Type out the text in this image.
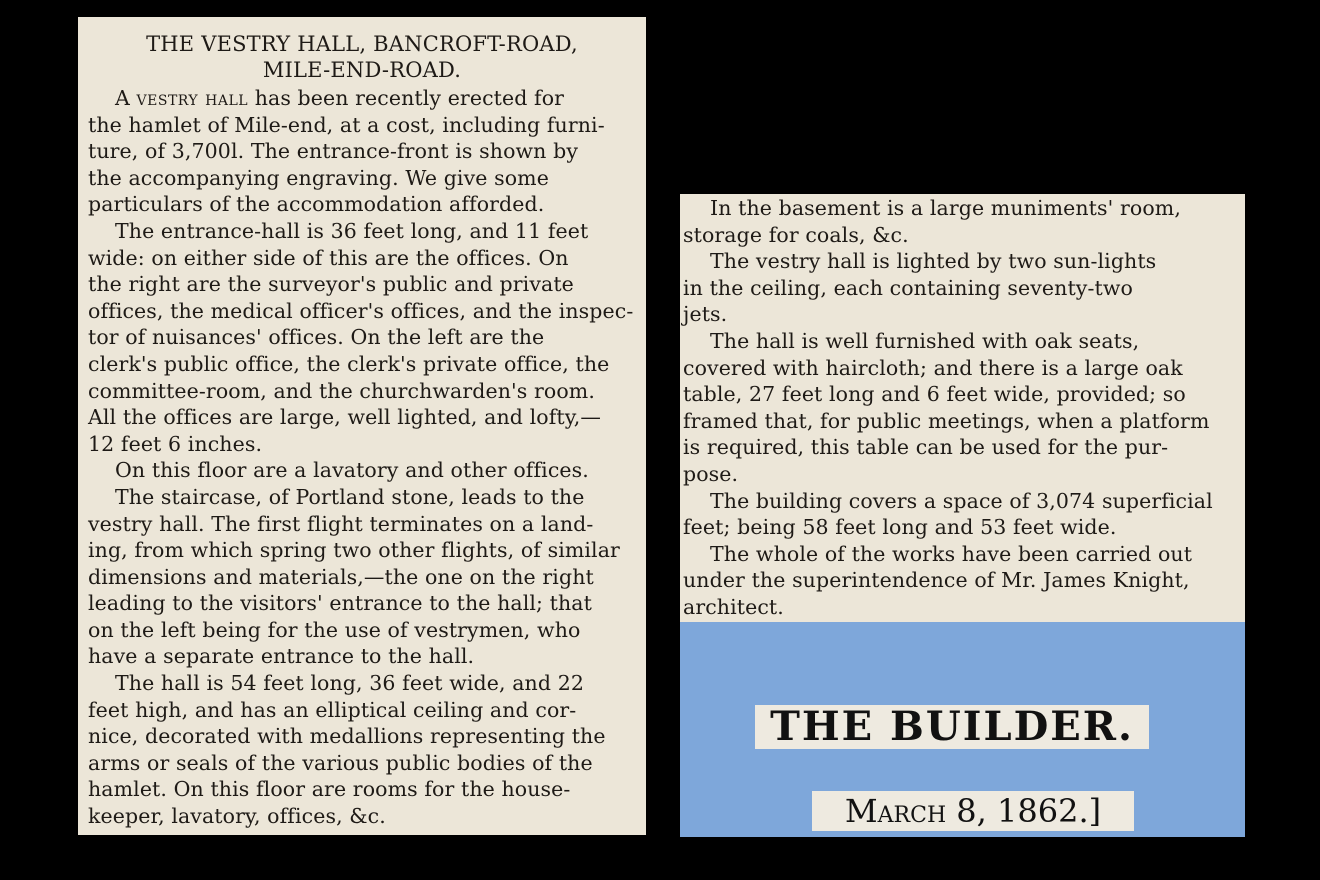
THE VESTRY HALL, BANCROFT-ROAD,
MILE-END-ROAD.
A vestry hall has been recently erected for
the hamlet of Mile-end, at a cost, including furni-
ture, of 3,700l. The entrance-front is shown by
the accompanying engraving. We give some
particulars of the accommodation afforded.
The entrance-hall is 36 feet long, and 11 feet
wide: on either side of this are the offices. On
the right are the surveyor's public and private
offices, the medical officer's offices, and the inspec-
tor of nuisances' offices. On the left are the
clerk's public office, the clerk's private office, the
committee-room, and the churchwarden's room.
All the offices are large, well lighted, and lofty,—
12 feet 6 inches.
On this floor are a lavatory and other offices.
The staircase, of Portland stone, leads to the
vestry hall. The first flight terminates on a land-
ing, from which spring two other flights, of similar
dimensions and materials,—the one on the right
leading to the visitors' entrance to the hall; that
on the left being for the use of vestrymen, who
have a separate entrance to the hall.
The hall is 54 feet long, 36 feet wide, and 22
feet high, and has an elliptical ceiling and cor-
nice, decorated with medallions representing the
arms or seals of the various public bodies of the
hamlet. On this floor are rooms for the house-
keeper, lavatory, offices, &c.
In the basement is a large muniments' room,
storage for coals, &c.
The vestry hall is lighted by two sun-lights
in the ceiling, each containing seventy-two
jets.
The hall is well furnished with oak seats,
covered with haircloth; and there is a large oak
table, 27 feet long and 6 feet wide, provided; so
framed that, for public meetings, when a platform
is required, this table can be used for the pur-
pose.
The building covers a space of 3,074 superficial
feet; being 58 feet long and 53 feet wide.
The whole of the works have been carried out
under the superintendence of Mr. James Knight,
architect.
THE BUILDER.
March 8, 1862.]
